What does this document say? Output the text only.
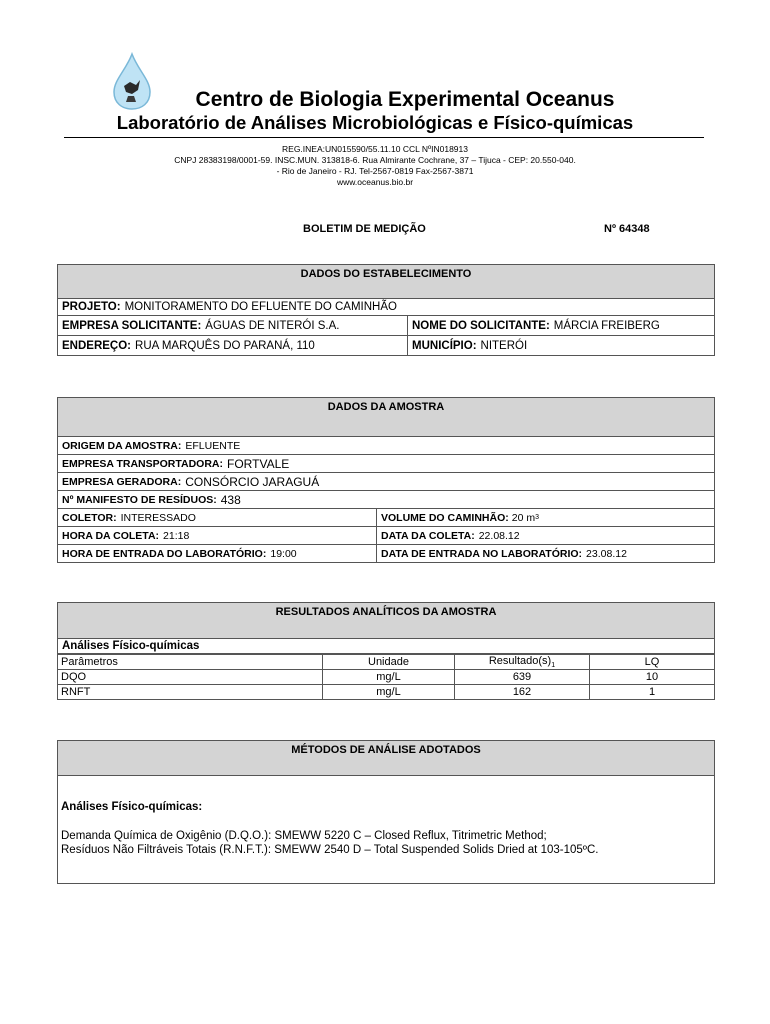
Centro de Biologia Experimental Oceanus
Laboratório de Análises Microbiológicas e Físico-químicas
REG.INEA:UN015590/55.11.10 CCL NºIN018913
CNPJ 28383198/0001-59. INSC.MUN. 313818-6. Rua Almirante Cochrane, 37 – Tijuca - CEP: 20.550-040.
- Rio de Janeiro - RJ. Tel-2567-0819 Fax-2567-3871
www.oceanus.bio.br
BOLETIM DE MEDIÇÃO	Nº 64348
DADOS DO ESTABELECIMENTO
PROJETO: MONITORAMENTO DO EFLUENTE DO CAMINHÃO
EMPRESA SOLICITANTE: ÁGUAS DE NITERÓI S.A.	NOME DO SOLICITANTE: MÁRCIA FREIBERG
ENDEREÇO: RUA MARQUÊS DO PARANÁ, 110	MUNICÍPIO: NITERÓI
DADOS DA AMOSTRA
ORIGEM DA AMOSTRA: EFLUENTE
EMPRESA TRANSPORTADORA: FORTVALE
EMPRESA GERADORA: CONSÓRCIO JARAGUÁ
Nº MANIFESTO DE RESÍDUOS: 438
COLETOR: INTERESSADO	VOLUME DO CAMINHÃO: 20 m 3
HORA DA COLETA: 21:18	DATA DA COLETA: 22.08.12
HORA DE ENTRADA DO LABORATÓRIO: 19:00	DATA DE ENTRADA NO LABORATÓRIO: 23.08.12
RESULTADOS ANALÍTICOS DA AMOSTRA
Análises Físico-químicas
Parâmetros	Unidade	$Resultado(s)_1$	LQ
DQO	mg/L	639	10
RNFT	mg/L	162	1
MÉTODOS DE ANÁLISE ADOTADOS
Análises Físico-químicas:
Demanda Química de Oxigênio (D.Q.O.): SMEWW 5220 C – Closed Reflux, Titrimetric Method;
Resíduos Não Filtráveis Totais (R.N.F.T.): SMEWW 2540 D – Total Suspended Solids Dried at 103-105ºC.
